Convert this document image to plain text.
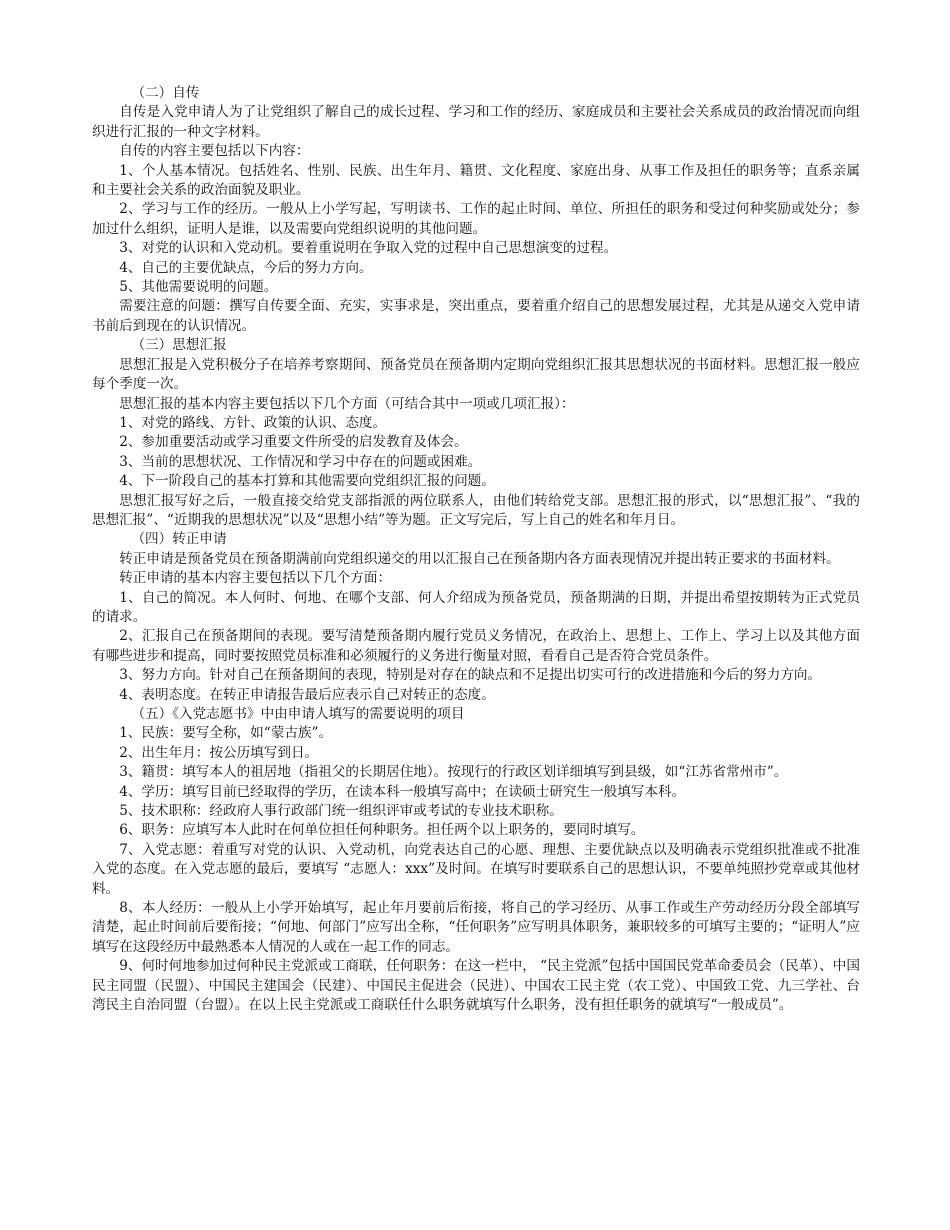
（二）自传

自传是入党申请人为了让党组织了解自己的成长过程、学习和工作的经历、家庭成员和主要社会关系成员的政治情况而向组织进行汇报的一种文字材料。

自传的内容主要包括以下内容：

1、个人基本情况。包括姓名、性别、民族、出生年月、籍贯、文化程度、家庭出身、从事工作及担任的职务等；直系亲属和主要社会关系的政治面貌及职业。

2、学习与工作的经历。一般从上小学写起，写明读书、工作的起止时间、单位、所担任的职务和受过何种奖励或处分；参加过什么组织，证明人是谁，以及需要向党组织说明的其他问题。

3、对党的认识和入党动机。要着重说明在争取入党的过程中自己思想演变的过程。

4、自己的主要优缺点，今后的努力方向。

5、其他需要说明的问题。

需要注意的问题：撰写自传要全面、充实，实事求是，突出重点，要着重介绍自己的思想发展过程，尤其是从递交入党申请书前后到现在的认识情况。

（三）思想汇报

思想汇报是入党积极分子在培养考察期间、预备党员在预备期内定期向党组织汇报其思想状况的书面材料。思想汇报一般应每个季度一次。

思想汇报的基本内容主要包括以下几个方面（可结合其中一项或几项汇报）：

1、对党的路线、方针、政策的认识、态度。

2、参加重要活动或学习重要文件所受的启发教育及体会。

3、当前的思想状况、工作情况和学习中存在的问题或困难。

4、下一阶段自己的基本打算和其他需要向党组织汇报的问题。

思想汇报写好之后，一般直接交给党支部指派的两位联系人，由他们转给党支部。思想汇报的形式，以“思想汇报”、“我的思想汇报”、“近期我的思想状况”以及“思想小结”等为题。正文写完后，写上自己的姓名和年月日。

（四）转正申请

转正申请是预备党员在预备期满前向党组织递交的用以汇报自己在预备期内各方面表现情况并提出转正要求的书面材料。

转正申请的基本内容主要包括以下几个方面：

1、自己的简况。本人何时、何地、在哪个支部、何人介绍成为预备党员，预备期满的日期，并提出希望按期转为正式党员的请求。

2、汇报自己在预备期间的表现。要写清楚预备期内履行党员义务情况，在政治上、思想上、工作上、学习上以及其他方面有哪些进步和提高，同时要按照党员标准和必须履行的义务进行衡量对照，看看自己是否符合党员条件。

3、努力方向。针对自己在预备期间的表现，特别是对存在的缺点和不足提出切实可行的改进措施和今后的努力方向。

4、表明态度。在转正申请报告最后应表示自己对转正的态度。

（五）《入党志愿书》中由申请人填写的需要说明的项目

1、民族：要写全称，如“蒙古族”。

2、出生年月：按公历填写到日。

3、籍贯：填写本人的祖居地（指祖父的长期居住地）。按现行的行政区划详细填写到县级，如“江苏省常州市”。

4、学历：填写目前已经取得的学历，在读本科一般填写高中；在读硕士研究生一般填写本科。

5、技术职称：经政府人事行政部门统一组织评审或考试的专业技术职称。

6、职务：应填写本人此时在何单位担任何种职务。担任两个以上职务的，要同时填写。

7、入党志愿：着重写对党的认识、入党动机，向党表达自己的心愿、理想、主要优缺点以及明确表示党组织批准或不批准入党的态度。在入党志愿的最后，要填写 “志愿人：xxx”及时间。在填写时要联系自己的思想认识，不要单纯照抄党章或其他材料。

8、本人经历：一般从上小学开始填写，起止年月要前后衔接，将自己的学习经历、从事工作或生产劳动经历分段全部填写清楚，起止时间前后要衔接；“何地、何部门”应写出全称，“任何职务”应写明具体职务，兼职较多的可填写主要的；“证明人”应填写在这段经历中最熟悉本人情况的人或在一起工作的同志。

9、何时何地参加过何种民主党派或工商联，任何职务：在这一栏中， “民主党派”包括中国国民党革命委员会（民革）、中国民主同盟（民盟）、中国民主建国会（民建）、中国民主促进会（民进）、中国农工民主党（农工党）、中国致工党、九三学社、台湾民主自治同盟（台盟）。在以上民主党派或工商联任什么职务就填写什么职务，没有担任职务的就填写“一般成员”。
